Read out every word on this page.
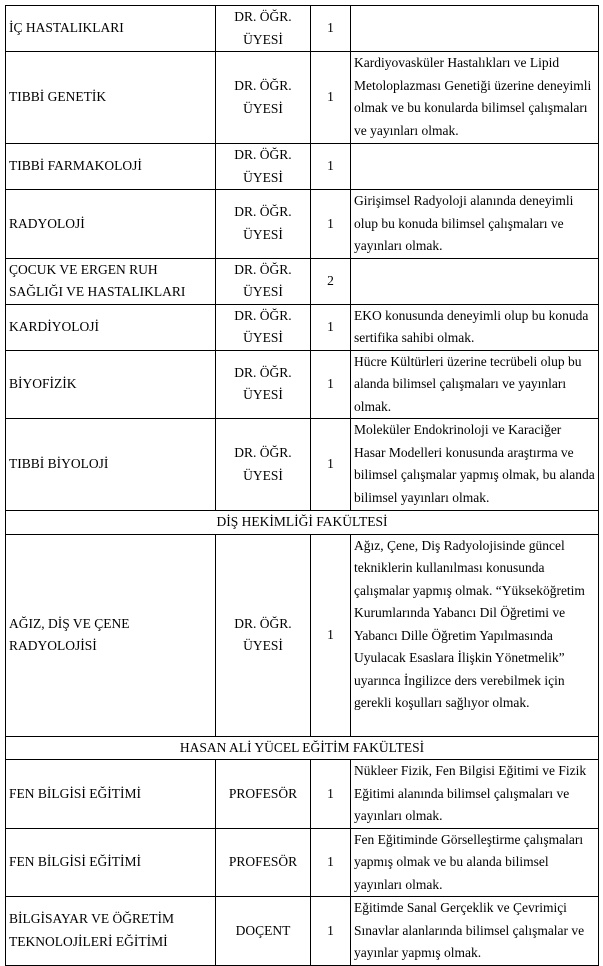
İÇ HASTALIKLARI	DR. ÖĞR. ÜYESİ	1	
TIBBİ GENETİK	DR. ÖĞR. ÜYESİ	1	Kardiyovasküler Hastalıkları ve Lipid Metoloplazması Genetiği üzerine deneyimli olmak ve bu konularda bilimsel çalışmaları ve yayınları olmak.
TIBBİ FARMAKOLOJİ	DR. ÖĞR. ÜYESİ	1	
RADYOLOJİ	DR. ÖĞR. ÜYESİ	1	Girişimsel Radyoloji alanında deneyimli olup bu konuda bilimsel çalışmaları ve yayınları olmak.
ÇOCUK VE ERGEN RUH SAĞLIĞI VE HASTALIKLARI	DR. ÖĞR. ÜYESİ	2	
KARDİYOLOJİ	DR. ÖĞR. ÜYESİ	1	EKO konusunda deneyimli olup bu konuda sertifika sahibi olmak.
BİYOFİZİK	DR. ÖĞR. ÜYESİ	1	Hücre Kültürleri üzerine tecrübeli olup bu alanda bilimsel çalışmaları ve yayınları olmak.
TIBBİ BİYOLOJİ	DR. ÖĞR. ÜYESİ	1	Moleküler Endokrinoloji ve Karaciğer Hasar Modelleri konusunda araştırma ve bilimsel çalışmalar yapmış olmak, bu alanda bilimsel yayınları olmak.
DİŞ HEKİMLİĞİ FAKÜLTESİ			
AĞIZ, DİŞ VE ÇENE RADYOLOJİSİ	DR. ÖĞR. ÜYESİ	1	Ağız, Çene, Diş Radyolojisinde güncel tekniklerin kullanılması konusunda çalışmalar yapmış olmak. “Yükseköğretim Kurumlarında Yabancı Dil Öğretimi ve Yabancı Dille Öğretim Yapılmasında Uyulacak Esaslara İlişkin Yönetmelik” uyarınca İngilizce ders verebilmek için gerekli koşulları sağlıyor olmak.
HASAN ALİ YÜCEL EĞİTİM FAKÜLTESİ			
FEN BİLGİSİ EĞİTİMİ	PROFESÖR	1	Nükleer Fizik, Fen Bilgisi Eğitimi ve Fizik Eğitimi alanında bilimsel çalışmaları ve yayınları olmak.
FEN BİLGİSİ EĞİTİMİ	PROFESÖR	1	Fen Eğitiminde Görselleştirme çalışmaları yapmış olmak ve bu alanda bilimsel yayınları olmak.
BİLGİSAYAR VE ÖĞRETİM TEKNOLOJİLERİ EĞİTİMİ	DOÇENT	1	Eğitimde Sanal Gerçeklik ve Çevrimiçi Sınavlar alanlarında bilimsel çalışmalar ve yayınlar yapmış olmak.
